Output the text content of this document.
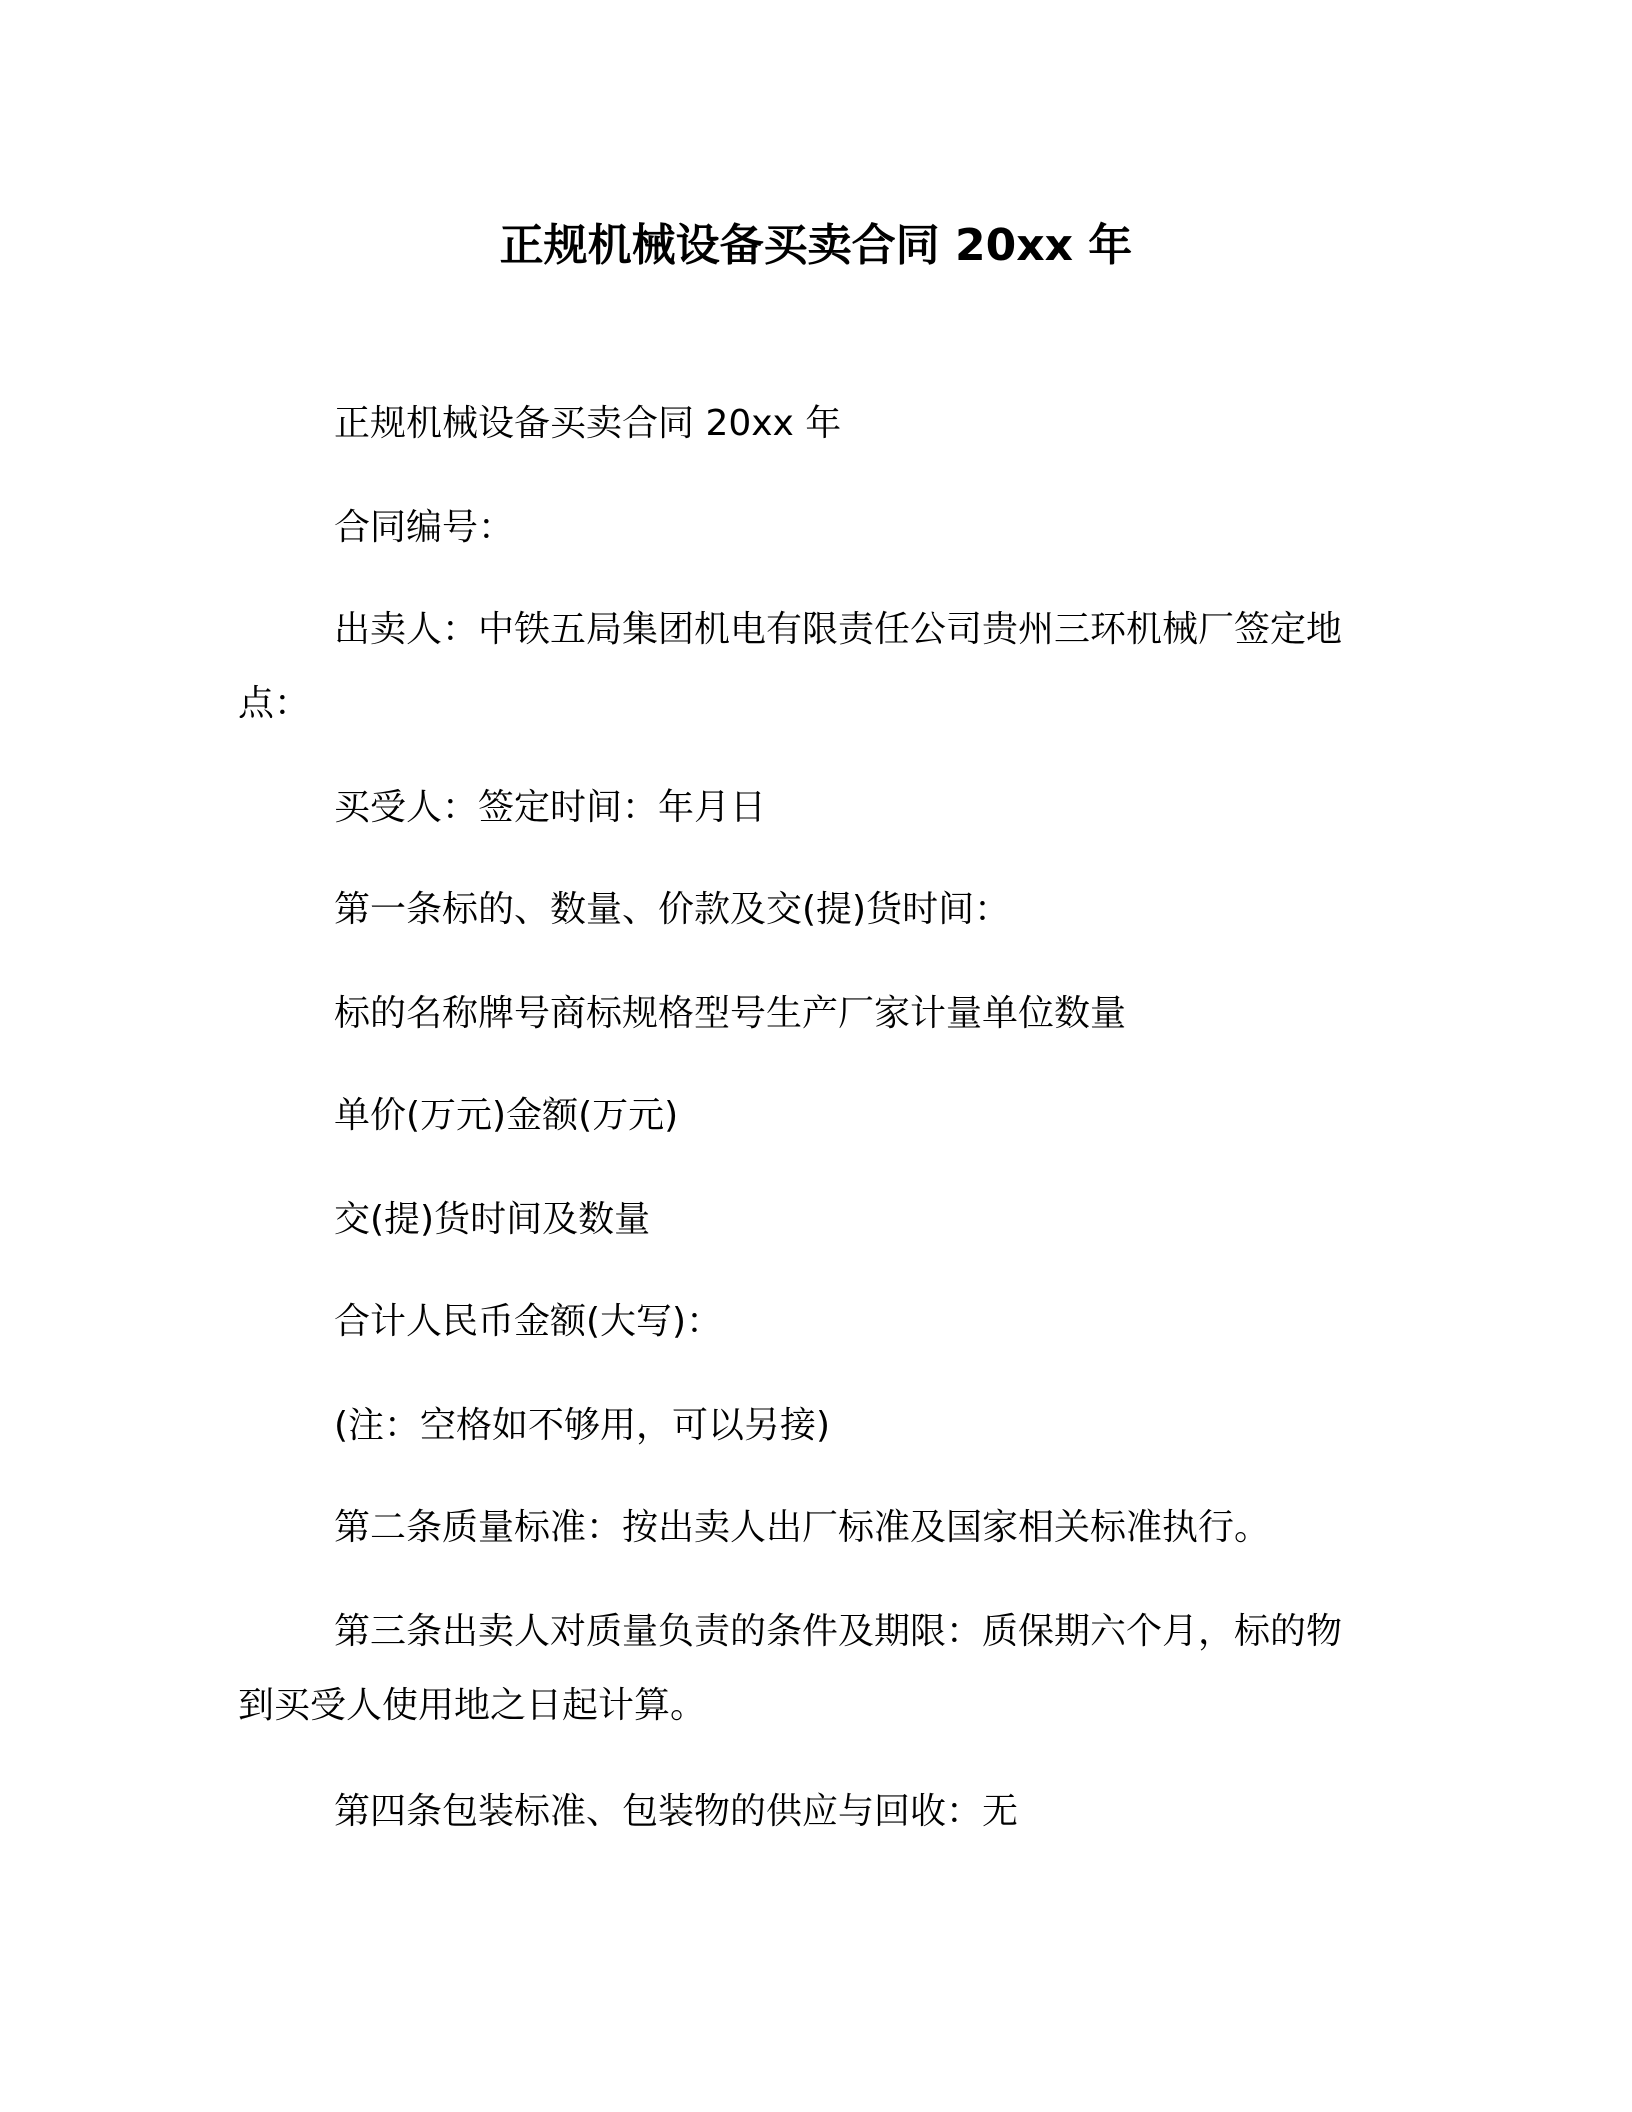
正规机械设备买卖合同 20xx 年
正规机械设备买卖合同 20xx 年
合同编号：
出卖人：中铁五局集团机电有限责任公司贵州三环机械厂签定地
点：
买受人：签定时间：年月日
第一条标的、数量、价款及交(提)货时间：
标的名称牌号商标规格型号生产厂家计量单位数量
单价(万元)金额(万元)
交(提)货时间及数量
合计人民币金额(大写)：
(注：空格如不够用，可以另接)
第二条质量标准：按出卖人出厂标准及国家相关标准执行。
第三条出卖人对质量负责的条件及期限：质保期六个月，标的物
到买受人使用地之日起计算。
第四条包装标准、包装物的供应与回收：无
